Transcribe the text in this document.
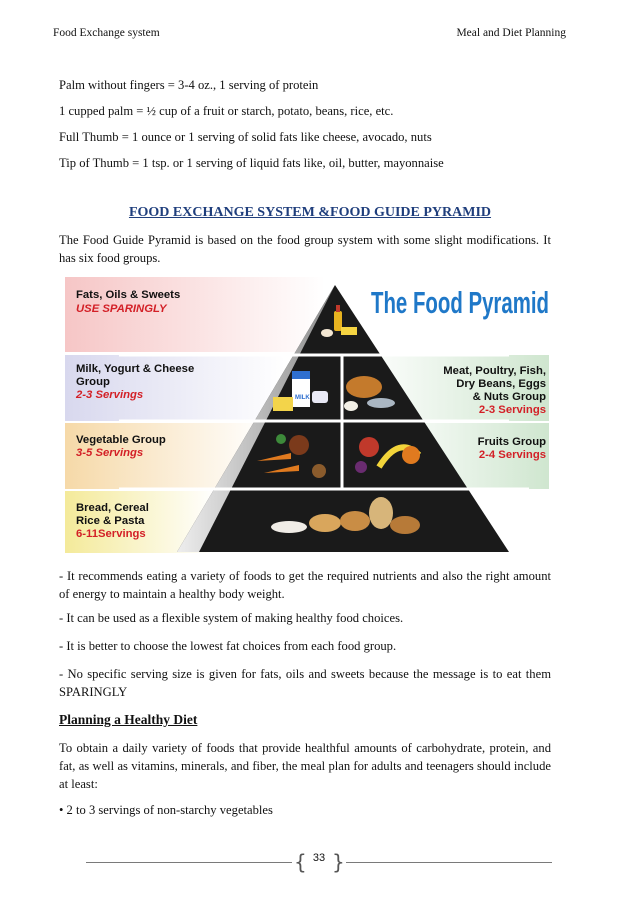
Food Exchange system	Meal and Diet Planning
Palm without fingers = 3-4 oz., 1 serving of protein
1 cupped palm = ½ cup of a fruit or starch, potato, beans, rice, etc.
Full Thumb = 1 ounce or 1 serving of solid fats like cheese, avocado, nuts
Tip of Thumb = 1 tsp. or 1 serving of liquid fats like, oil, butter, mayonnaise
FOOD EXCHANGE SYSTEM &FOOD GUIDE PYRAMID
The Food Guide Pyramid is based on the food group system with some slight modifications. It has six food groups.
MILK
The Food Pyramid
Fats, Oils & Sweets
USE SPARINGLY
Milk, Yogurt & Cheese
Group
2-3 Servings
Meat, Poultry, Fish,
Dry Beans, Eggs
& Nuts Group
2-3 Servings
Vegetable Group
3-5 Servings
Fruits Group
2-4 Servings
Bread, Cereal
Rice & Pasta
6-11Servings
- It recommends eating a variety of foods to get the required nutrients and also the right amount of energy to maintain a healthy body weight.
- It can be used as a flexible system of making healthy food choices.
- It is better to choose the lowest fat choices from each food group.
- No specific serving size is given for fats, oils and sweets because the message is to eat them SPARINGLY
Planning a Healthy Diet
To obtain a daily variety of foods that provide healthful amounts of carbohydrate, protein, and fat, as well as vitamins, minerals, and fiber, the meal plan for adults and teenagers should include at least:
• 2 to 3 servings of non-starchy vegetables
{ }
33
